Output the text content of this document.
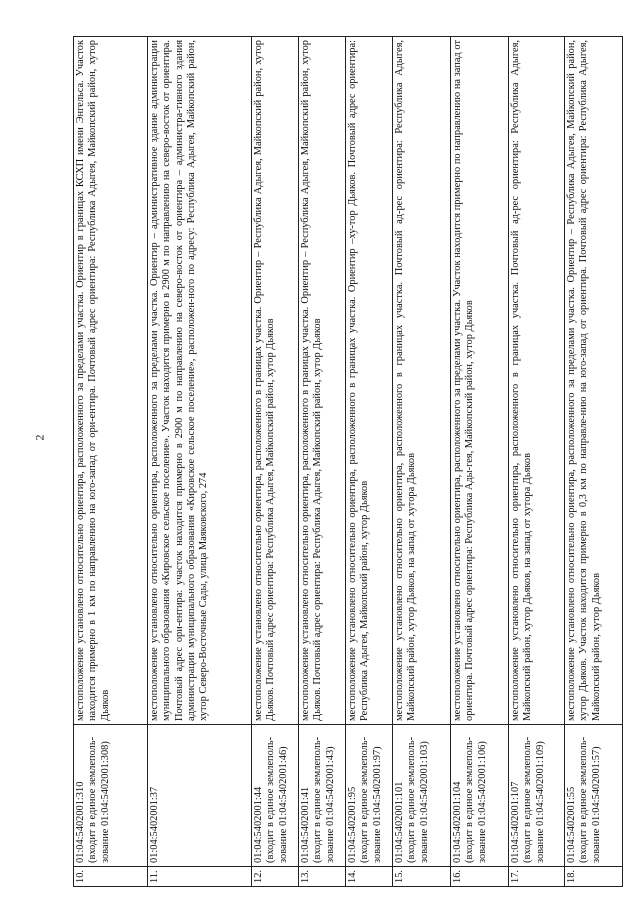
2
10.	01:04:5402001:310 (входит в единое землеполь-зование 01:04:5402001:308)	местоположение установлено относительно ориентира, расположенного за пределами участка. Ориентир в границах КСХП имени Энгельса. Участок находится примерно в 1 км по направлению на юго-запад от ори-ентира. Почтовый адрес ориентира: Республика Адыгея, Майкопский район, хутор Дьяков
11.	01:04:5402001:37	местоположение установлено относительно ориентира, расположенного за пределами участка. Ориентир – административное здание администрации муниципального образования «Кировское сельское поселение». Участок находится примерно в 2900 м по направлению на северо-восток от ориентира. Почтовый адрес ори-ентира: участок находится примерно в 2900 м по направлению на северо-восток от ориентира – администра-тивного здания администрации муниципального образования «Кировское сельское поселение», расположен-ного по адресу: Республика Адыгея, Майкопский район, хутор Северо-Восточные Сады, улица Маяковского, 274
12.	01:04:5402001:44 (входит в единое землеполь-зование 01:04:5402001:46)	местоположение установлено относительно ориентира, расположенного в границах участка. Ориентир – Республика Адыгея, Майкопский район, хутор Дьяков. Почтовый адрес ориентира: Республика Адыгея, Майкопский район, хутор Дьяков
13.	01:04:5402001:41 (входит в единое землеполь-зование 01:04:5402001:43)	местоположение установлено относительно ориентира, расположенного в границах участка. Ориентир – Республика Адыгея, Майкопский район, хутор Дьяков. Почтовый адрес ориентира: Республика Адыгея, Майкопский район, хутор Дьяков
14.	01:04:5402001:95 (входит в единое землеполь-зование 01:04:5402001:97)	местоположение установлено относительно ориентира, расположенного в границах участка. Ориентир –ху-тор Дьяков. Почтовый адрес ориентира: Республика Адыгея, Майкопский район, хутор Дьяков
15.	01:04:5402001:101 (входит в единое землеполь-зование 01:04:5402001:103)	местоположение установлено относительно ориентира, расположенного в границах участка. Почтовый ад-рес ориентира: Республика Адыгея, Майкопский район, хутор Дьяков, на запад от хутора Дьяков
16.	01:04:5402001:104 (входит в единое землеполь-зование 01:04:5402001:106)	местоположение установлено относительно ориентира, расположенного за пределами участка. Участок находится примерно по направлению на запад от ориентира. Почтовый адрес ориентира: Республика Ады-гея, Майкопский район, хутор Дьяков
17.	01:04:5402001:107 (входит в единое землеполь-зование 01:04:5402001:109)	местоположение установлено относительно ориентира, расположенного в границах участка. Почтовый ад-рес ориентира: Республика Адыгея, Майкопский район, хутор Дьяков, на запад от хутора Дьяков
18.	01:04:5402001:55 (входит в единое землеполь-зование 01:04:5402001:57)	местоположение установлено относительно ориентира, расположенного за пределами участка. Ориентир – Республика Адыгея, Майкопский район, хутор Дьяков. Участок находится примерно в 0,3 км по направле-нию на юго-запад от ориентира. Почтовый адрес ориентира: Республика Адыгея, Майкопский район, хутор Дьяков
